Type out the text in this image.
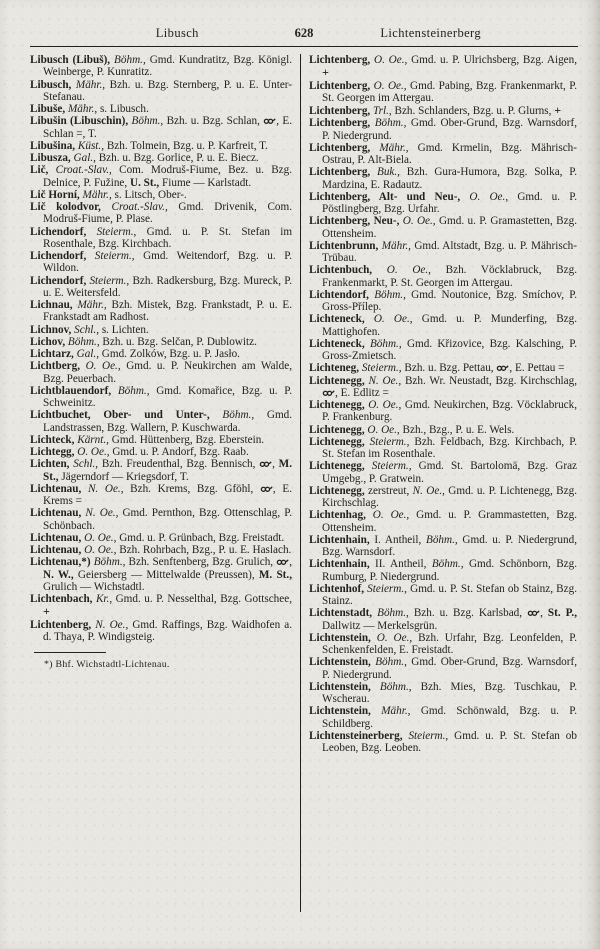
Libusch	628	Lichtensteinerberg

Libusch (Libuš), Böhm., Gmd. Kundratitz, Bzg. Königl. Weinberge, P. Kunratitz.

Libusch, Mähr., Bzh. u. Bzg. Sternberg, P. u. E. Unter-Stefanau.

Libuše, Mähr., s. Libusch.

Libušin (Libuschin), Böhm., Bzh. u. Bzg. Schlan, , E. Schlan =, T.

Libušina, Küst., Bzh. Tolmein, Bzg. u. P. Karfreit, T.

Libusza, Gal., Bzh. u. Bzg. Gorlice, P. u. E. Biecz.

Lič, Croat.-Slav., Com. Modruš-Fiume, Bez. u. Bzg. Delnice, P. Fužine, U. St., Fiume — Karlstadt.

Lič Horní, Mähr., s. Litsch, Ober-.

Lič kolodvor, Croat.-Slav., Gmd. Drivenik, Com. Modruš-Fiume, P. Plase.

Lichendorf, Steierm., Gmd. u. P. St. Stefan im Rosenthale, Bzg. Kirchbach.

Lichendorf, Steierm., Gmd. Weitendorf, Bzg. u. P. Wildon.

Lichendorf, Steierm., Bzh. Radkersburg, Bzg. Mureck, P. u. E. Weitersfeld.

Lichnau, Mähr., Bzh. Mistek, Bzg. Frankstadt, P. u. E. Frankstadt am Radhost.

Lichnov, Schl., s. Lichten.

Lichov, Böhm., Bzh. u. Bzg. Selčan, P. Dublowitz.

Lichtarz, Gal., Gmd. Zolków, Bzg. u. P. Jasło.

Lichtberg, O. Oe., Gmd. u. P. Neukirchen am Walde, Bzg. Peuerbach.

Lichtblauendorf, Böhm., Gmd. Komařice, Bzg. u. P. Schweinitz.

Lichtbuchet, Ober- und Unter-, Böhm., Gmd. Landstrassen, Bzg. Wallern, P. Kuschwarda.

Lichteck, Kärnt., Gmd. Hüttenberg, Bzg. Eberstein.

Lichtegg, O. Oe., Gmd. u. P. Andorf, Bzg. Raab.

Lichten, Schl., Bzh. Freudenthal, Bzg. Bennisch, , M. St., Jägerndorf — Kriegsdorf, T.

Lichtenau, N. Oe., Bzh. Krems, Bzg. Gföhl, , E. Krems =

Lichtenau, N. Oe., Gmd. Pernthon, Bzg. Ottenschlag, P. Schönbach.

Lichtenau, O. Oe., Gmd. u. P. Grünbach, Bzg. Freistadt.

Lichtenau, O. Oe., Bzh. Rohrbach, Bzg., P. u. E. Haslach.

Lichtenau,*) Böhm., Bzh. Senftenberg, Bzg. Grulich, , N. W., Geiersberg — Mittelwalde (Preussen), M. St., Grulich — Wichstadtl.

Lichtenbach, Kr., Gmd. u. P. Nesselthal, Bzg. Gottschee, +

Lichtenberg, N. Oe., Gmd. Raffings, Bzg. Waidhofen a. d. Thaya, P. Windigsteig.

*) Bhf. Wichstadtl-Lichtenau.

Lichtenberg, O. Oe., Gmd. u. P. Ulrichsberg, Bzg. Aigen, +

Lichtenberg, O. Oe., Gmd. Pabing, Bzg. Frankenmarkt, P. St. Georgen im Attergau.

Lichtenberg, Trl., Bzh. Schlanders, Bzg. u. P. Glurns, +

Lichtenberg, Böhm., Gmd. Ober-Grund, Bzg. Warnsdorf, P. Niedergrund.

Lichtenberg, Mähr., Gmd. Krmelin, Bzg. Mährisch-Ostrau, P. Alt-Biela.

Lichtenberg, Buk., Bzh. Gura-Humora, Bzg. Solka, P. Mardzina, E. Radautz.

Lichtenberg, Alt- und Neu-, O. Oe., Gmd. u. P. Pöstlingberg, Bzg. Urfahr.

Lichtenberg, Neu-, O. Oe., Gmd. u. P. Gramastetten, Bzg. Ottensheim.

Lichtenbrunn, Mähr., Gmd. Altstadt, Bzg. u. P. Mährisch-Trübau.

Lichtenbuch, O. Oe., Bzh. Vöcklabruck, Bzg. Frankenmarkt, P. St. Georgen im Attergau.

Lichtendorf, Böhm., Gmd. Noutonice, Bzg. Smíchov, P. Gross-Přílep.

Lichteneck, O. Oe., Gmd. u. P. Munderfing, Bzg. Mattighofen.

Lichteneck, Böhm., Gmd. Křizovice, Bzg. Kalsching, P. Gross-Zmietsch.

Lichteneg, Steierm., Bzh. u. Bzg. Pettau, , E. Pettau =

Lichtenegg, N. Oe., Bzh. Wr. Neustadt, Bzg. Kirchschlag, , E. Edlitz =

Lichtenegg, O. Oe., Gmd. Neukirchen, Bzg. Vöcklabruck, P. Frankenburg.

Lichtenegg, O. Oe., Bzh., Bzg., P. u. E. Wels.

Lichtenegg, Steierm., Bzh. Feldbach, Bzg. Kirchbach, P. St. Stefan im Rosenthale.

Lichtenegg, Steierm., Gmd. St. Bartolomä, Bzg. Graz Umgebg., P. Gratwein.

Lichtenegg, zerstreut, N. Oe., Gmd. u. P. Lichtenegg, Bzg. Kirchschlag.

Lichtenhag, O. Oe., Gmd. u. P. Grammastetten, Bzg. Ottensheim.

Lichtenhain, I. Antheil, Böhm., Gmd. u. P. Niedergrund, Bzg. Warnsdorf.

Lichtenhain, II. Antheil, Böhm., Gmd. Schönborn, Bzg. Rumburg, P. Niedergrund.

Lichtenhof, Steierm., Gmd. u. P. St. Stefan ob Stainz, Bzg. Stainz.

Lichtenstadt, Böhm., Bzh. u. Bzg. Karlsbad, , St. P., Dallwitz — Merkelsgrün.

Lichtenstein, O. Oe., Bzh. Urfahr, Bzg. Leonfelden, P. Schenkenfelden, E. Freistadt.

Lichtenstein, Böhm., Gmd. Ober-Grund, Bzg. Warnsdorf, P. Niedergrund.

Lichtenstein, Böhm., Bzh. Mies, Bzg. Tuschkau, P. Wscherau.

Lichtenstein, Mähr., Gmd. Schönwald, Bzg. u. P. Schildberg.

Lichtensteinerberg, Steierm., Gmd. u. P. St. Stefan ob Leoben, Bzg. Leoben.
